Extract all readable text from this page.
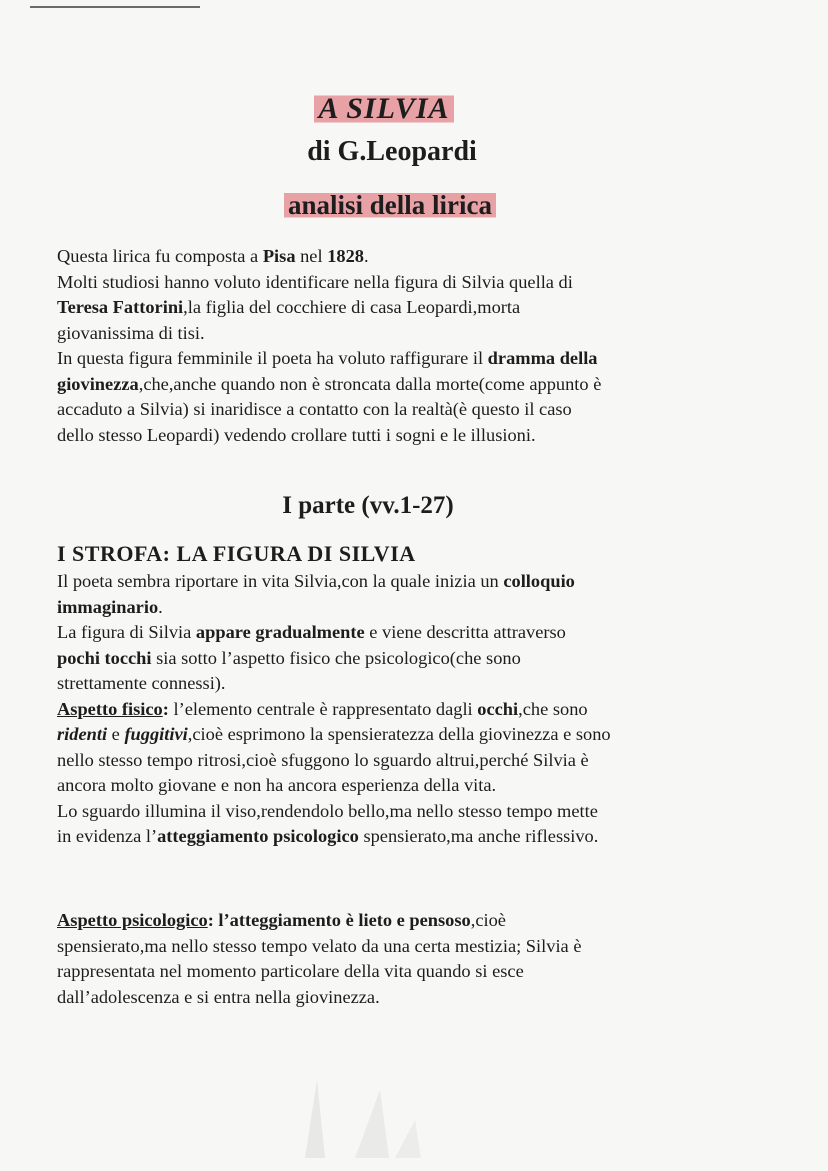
A SILVIA
di G.Leopardi
analisi della lirica

Questa lirica fu composta a Pisa nel 1828.
Molti studiosi hanno voluto identificare nella figura di Silvia quella di
Teresa Fattorini,la figlia del cocchiere di casa Leopardi,morta
giovanissima di tisi.
In questa figura femminile il poeta ha voluto raffigurare il dramma della
giovinezza,che,anche quando non è stroncata dalla morte(come appunto è
accaduto a Silvia) si inaridisce a contatto con la realtà(è questo il caso
dello stesso Leopardi) vedendo crollare tutti i sogni e le illusioni.

I parte (vv.1-27)
I STROFA: LA FIGURA DI SILVIA

Il poeta sembra riportare in vita Silvia,con la quale inizia un colloquio
immaginario.
La figura di Silvia appare gradualmente e viene descritta attraverso
pochi tocchi sia sotto l’aspetto fisico che psicologico(che sono
strettamente connessi).
Aspetto fisico: l’elemento centrale è rappresentato dagli occhi,che sono
ridenti e fuggitivi,cioè esprimono la spensieratezza della giovinezza e sono
nello stesso tempo ritrosi,cioè sfuggono lo sguardo altrui,perché Silvia è
ancora molto giovane e non ha ancora esperienza della vita.
Lo sguardo illumina il viso,rendendolo bello,ma nello stesso tempo mette
in evidenza l’atteggiamento psicologico spensierato,ma anche riflessivo.

Aspetto psicologico: l’atteggiamento è lieto e pensoso,cioè
spensierato,ma nello stesso tempo velato da una certa mestizia; Silvia è
rappresentata nel momento particolare della vita quando si esce
dall’adolescenza e si entra nella giovinezza.
